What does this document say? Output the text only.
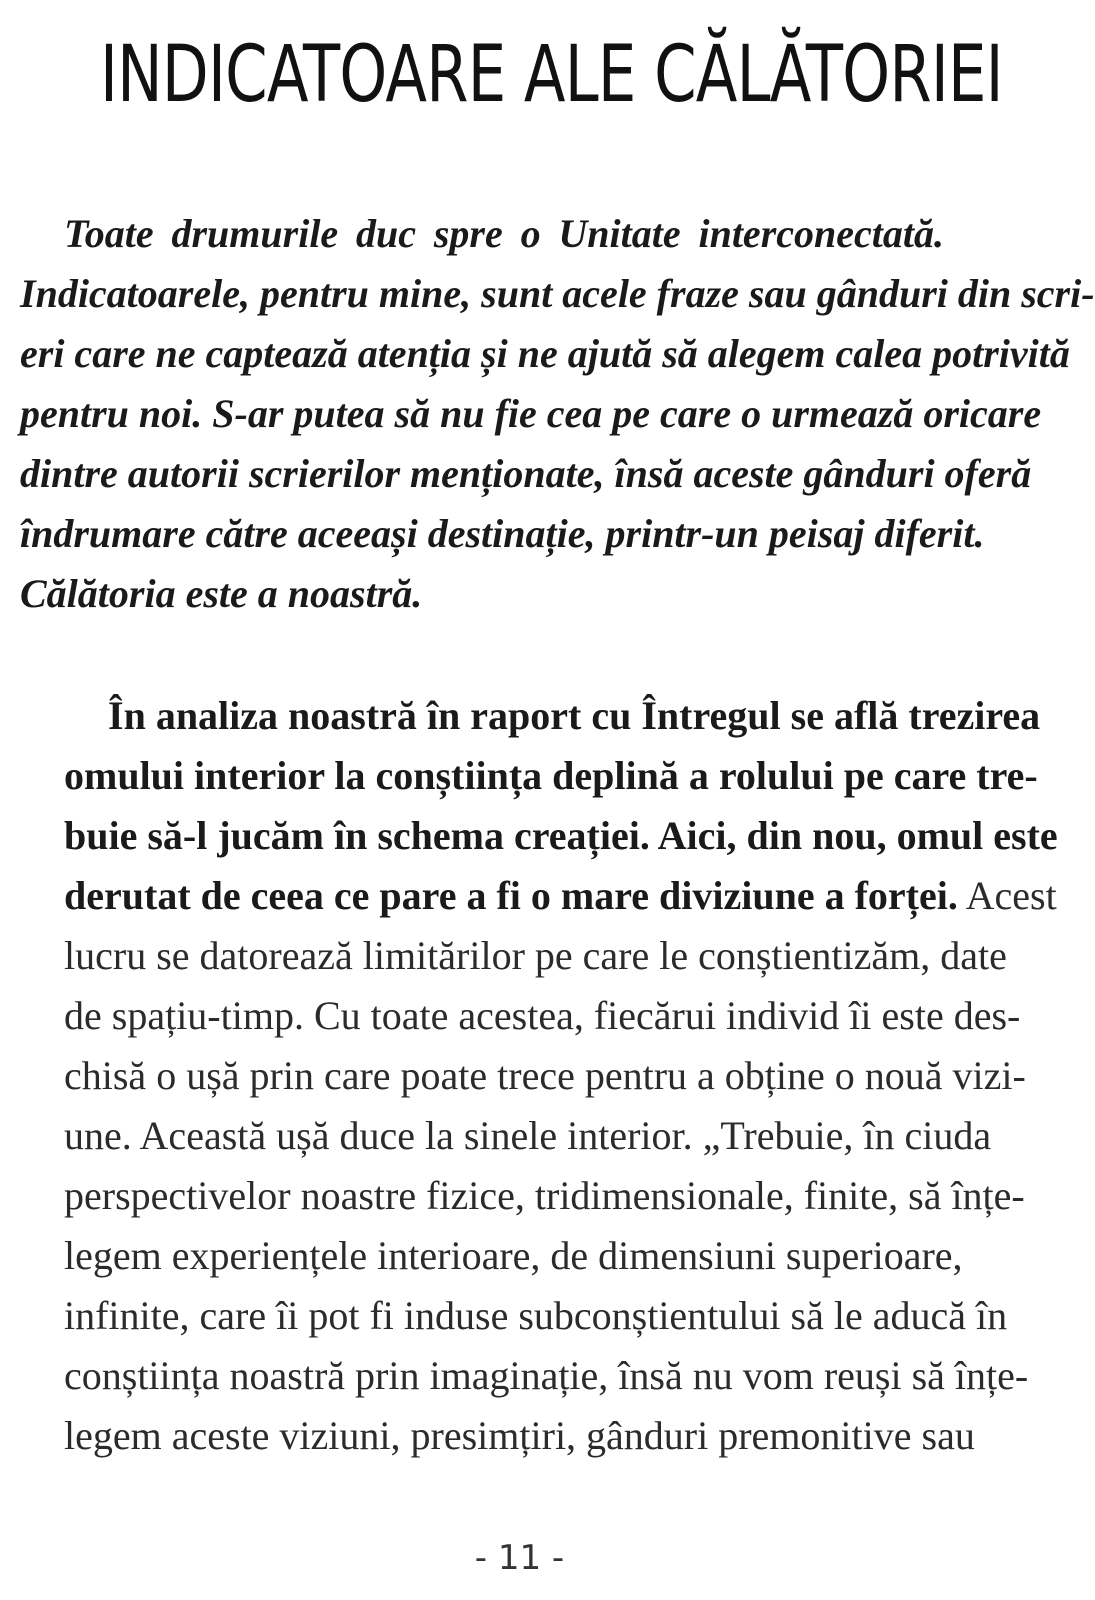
INDICATOARE ALE CĂLĂTORIEI
Toate drumurile duc spre o Unitate interconectată.
Indicatoarele, pentru mine, sunt acele fraze sau gânduri din scri-
eri care ne captează atenția și ne ajută să alegem calea potrivită
pentru noi. S-ar putea să nu fie cea pe care o urmează oricare
dintre autorii scrierilor menționate, însă aceste gânduri oferă
îndrumare către aceeași destinație, printr-un peisaj diferit.
Călătoria este a noastră.
În analiza noastră în raport cu Întregul se află trezirea
omului interior la conștiința deplină a rolului pe care tre-
buie să-l jucăm în schema creației. Aici, din nou, omul este
derutat de ceea ce pare a fi o mare diviziune a forței. Acest
lucru se datorează limitărilor pe care le conștientizăm, date
de spațiu-timp. Cu toate acestea, fiecărui individ îi este des-
chisă o ușă prin care poate trece pentru a obține o nouă vizi-
une. Această ușă duce la sinele interior. „Trebuie, în ciuda
perspectivelor noastre fizice, tridimensionale, finite, să înțe-
legem experiențele interioare, de dimensiuni superioare,
infinite, care îi pot fi induse subconștientului să le aducă în
conștiința noastră prin imaginație, însă nu vom reuși să înțe-
legem aceste viziuni, presimțiri, gânduri premonitive sau
- 11 -
